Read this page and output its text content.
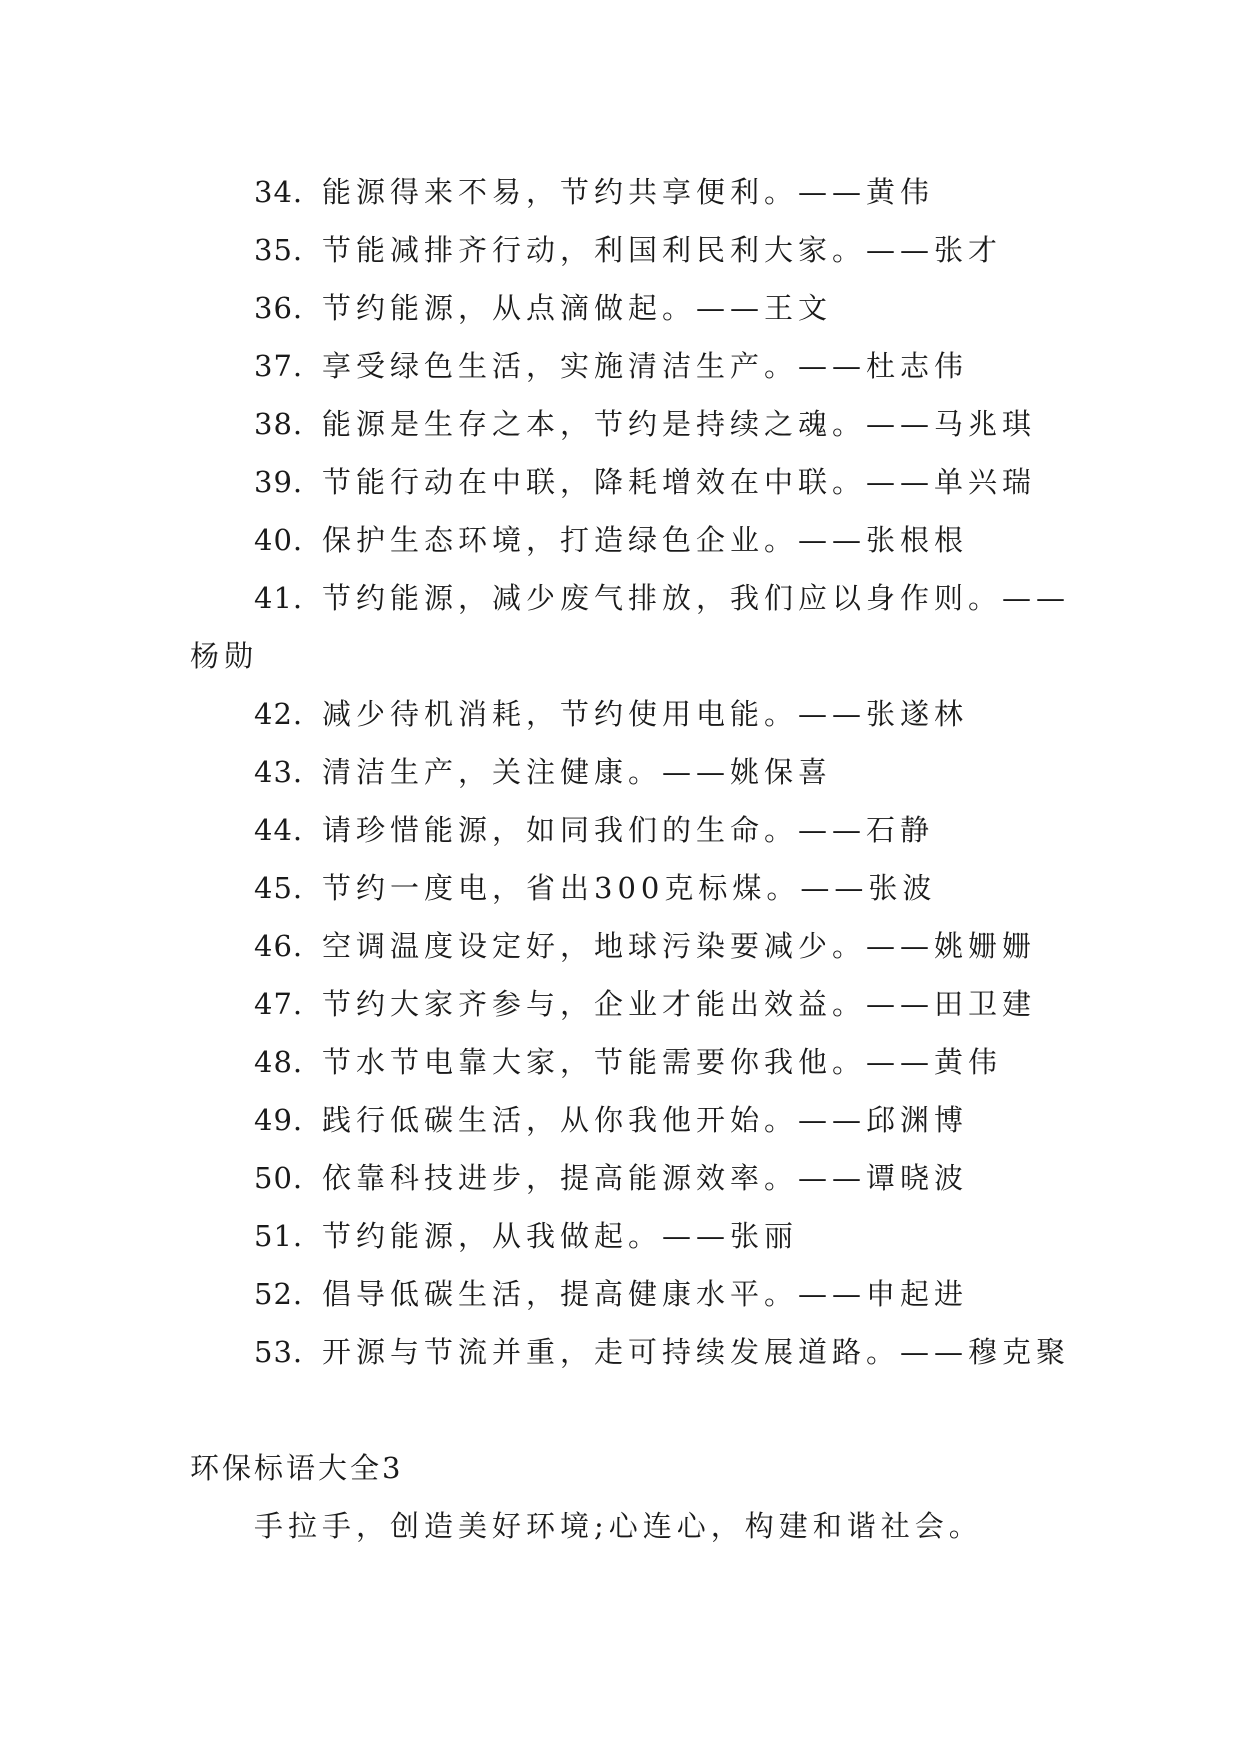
34. 能源得来不易，节约共享便利。——黄伟
35. 节能减排齐行动，利国利民利大家。——张才
36. 节约能源，从点滴做起。——王文
37. 享受绿色生活，实施清洁生产。——杜志伟
38. 能源是生存之本，节约是持续之魂。——马兆琪
39. 节能行动在中联，降耗增效在中联。——单兴瑞
40. 保护生态环境，打造绿色企业。——张根根
41. 节约能源，减少废气排放，我们应以身作则。——
杨勋
42. 减少待机消耗，节约使用电能。——张遂林
43. 清洁生产，关注健康。——姚保喜
44. 请珍惜能源，如同我们的生命。——石静
45. 节约一度电，省出300克标煤。——张波
46. 空调温度设定好，地球污染要减少。——姚姗姗
47. 节约大家齐参与，企业才能出效益。——田卫建
48. 节水节电靠大家，节能需要你我他。——黄伟
49. 践行低碳生活，从你我他开始。——邱渊博
50. 依靠科技进步，提高能源效率。——谭晓波
51. 节约能源，从我做起。——张丽
52. 倡导低碳生活，提高健康水平。——申起进
53. 开源与节流并重，走可持续发展道路。——穆克聚
环保标语大全3
手拉手，创造美好环境;心连心，构建和谐社会。
